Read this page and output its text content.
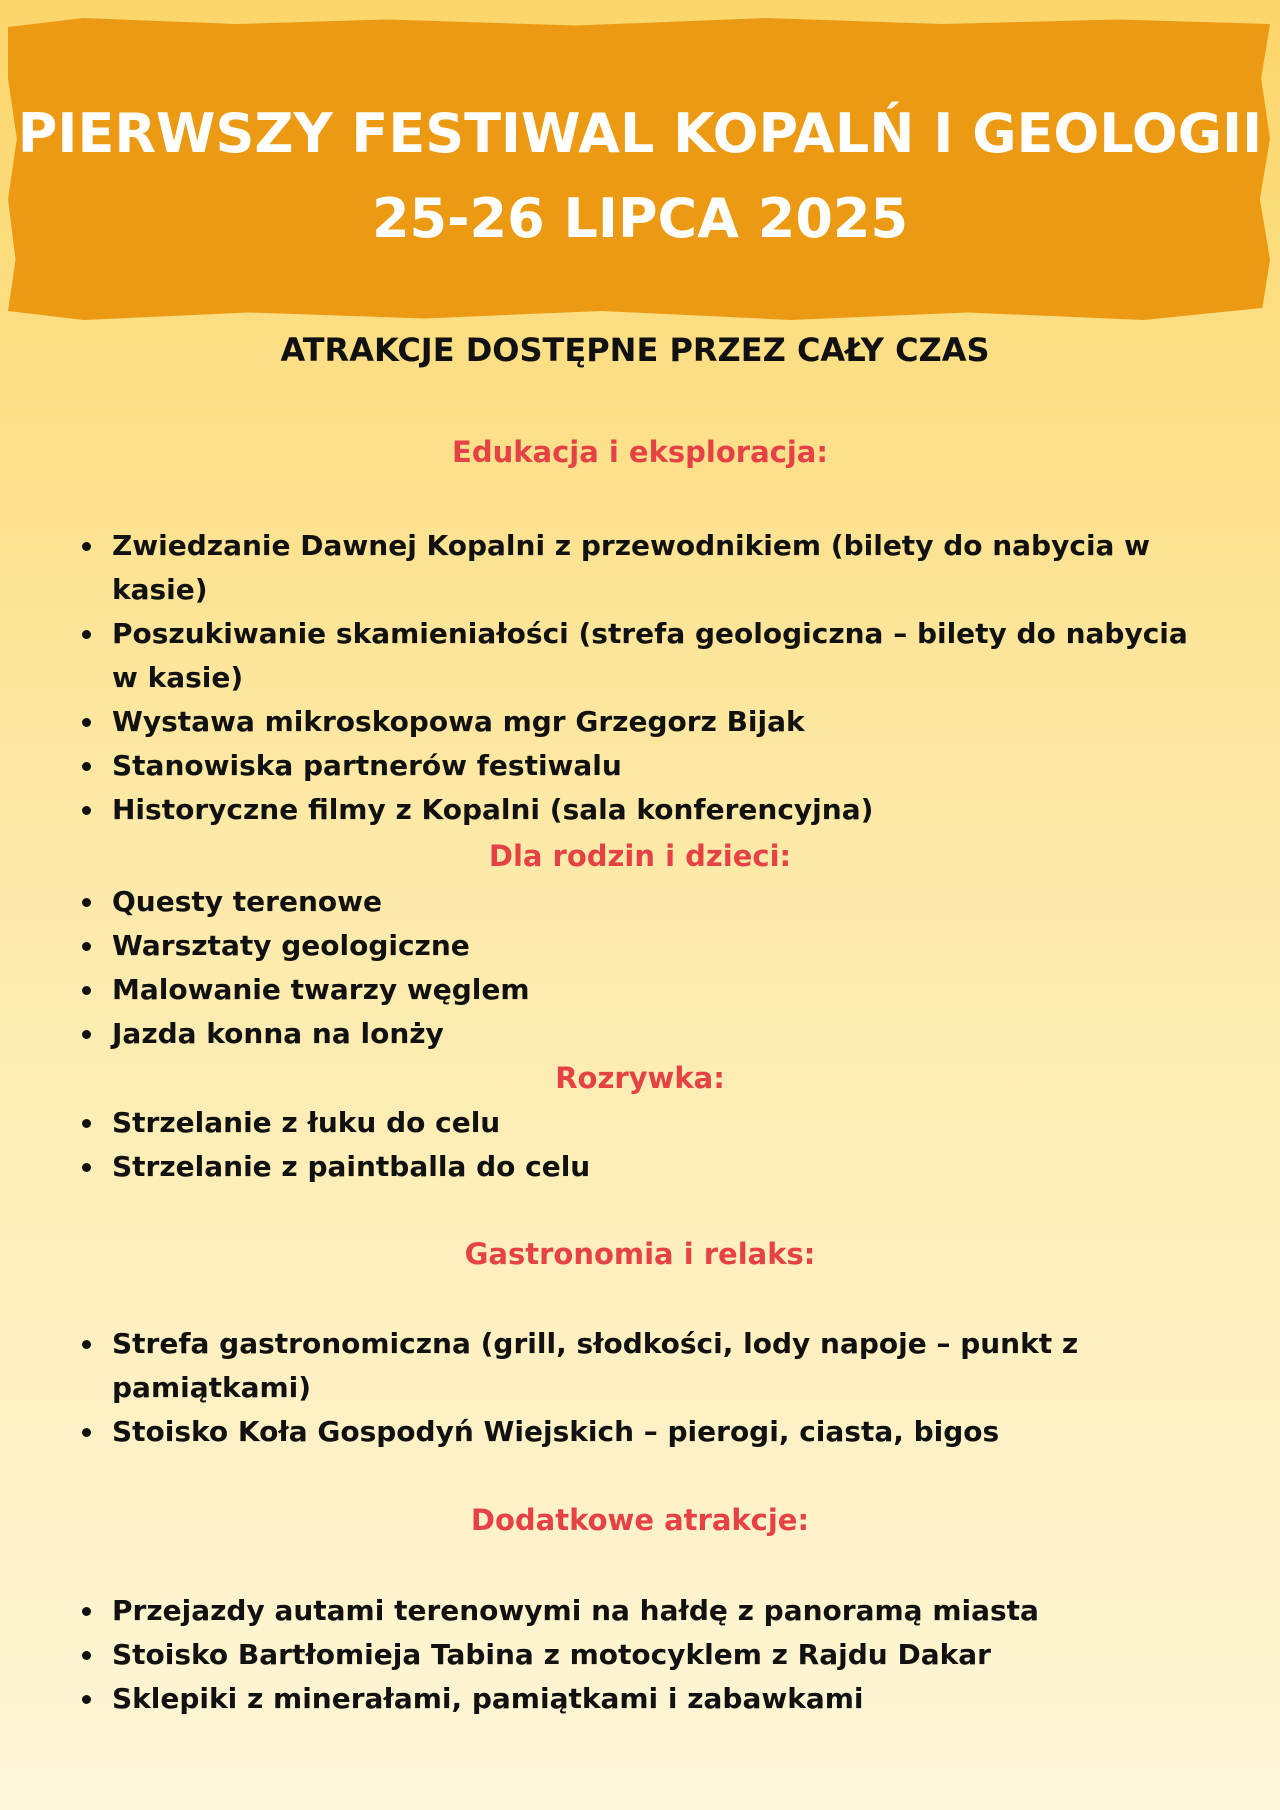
PIERWSZY FESTIWAL KOPALŃ I GEOLOGII
25-26 LIPCA 2025
ATRAKCJE DOSTĘPNE PRZEZ CAŁY CZAS
Edukacja i eksploracja:
Zwiedzanie Dawnej Kopalni z przewodnikiem (bilety do nabycia w kasie)
Poszukiwanie skamieniałości (strefa geologiczna – bilety do nabycia w kasie)
Wystawa mikroskopowa mgr Grzegorz Bijak
Stanowiska partnerów festiwalu
Historyczne filmy z Kopalni (sala konferencyjna)
Dla rodzin i dzieci:
Questy terenowe
Warsztaty geologiczne
Malowanie twarzy węglem
Jazda konna na lonży
Rozrywka:
Strzelanie z łuku do celu
Strzelanie z paintballa do celu
Gastronomia i relaks:
Strefa gastronomiczna (grill, słodkości, lody napoje – punkt z pamiątkami)
Stoisko Koła Gospodyń Wiejskich – pierogi, ciasta, bigos
Dodatkowe atrakcje:
Przejazdy autami terenowymi na hałdę z panoramą miasta
Stoisko Bartłomieja Tabina z motocyklem z Rajdu Dakar
Sklepiki z minerałami, pamiątkami i zabawkami
